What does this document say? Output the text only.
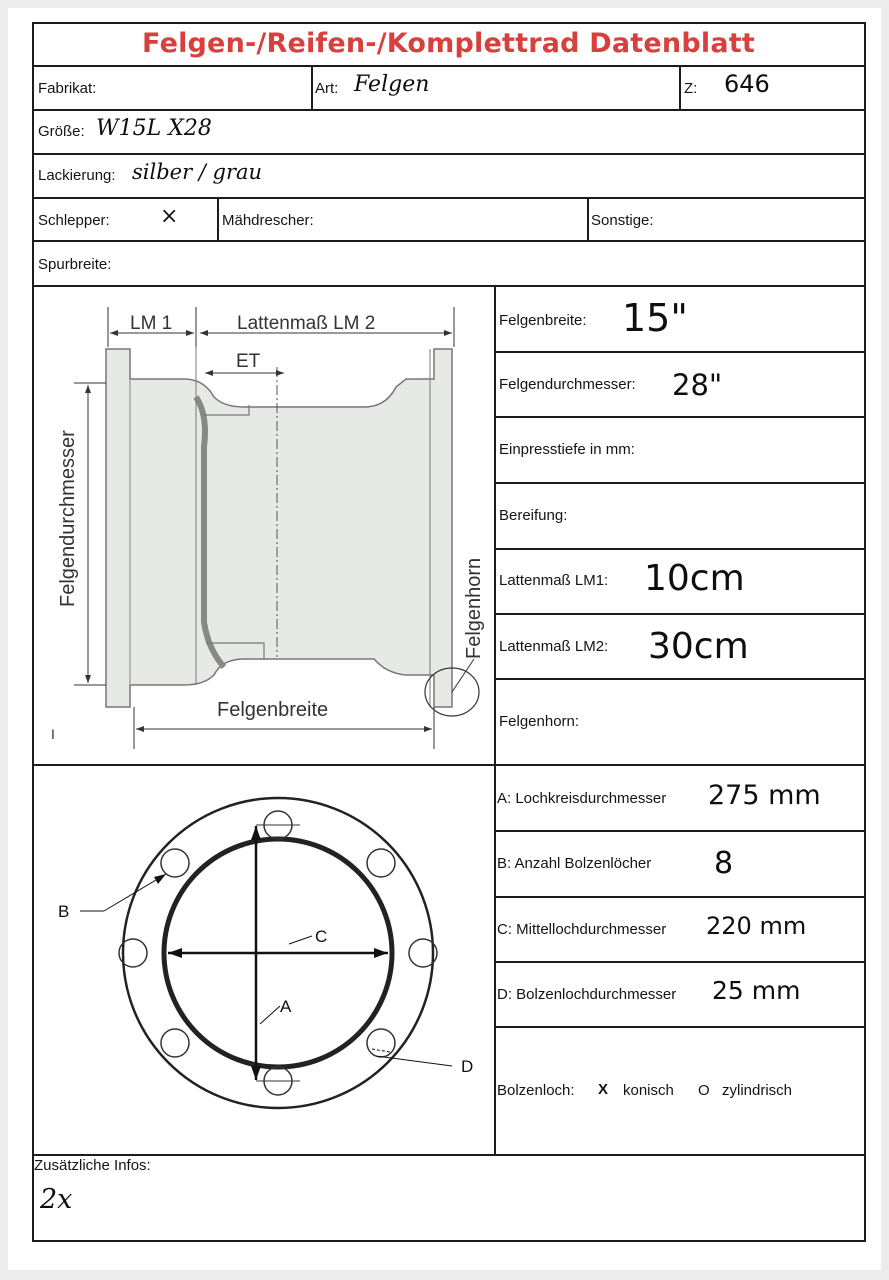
Felgen-/Reifen-/Komplettrad Datenblatt
Fabrikat:	Art: Felgen	Z: 646
Größe: W15L X28
Lackierung: silber / grau
Schlepper: ×	Mähdrescher:	Sonstige:
Spurbreite:
Felgenbreite: 15"
Felgendurchmesser: 28"
Einpresstiefe in mm:
Bereifung:
Lattenmaß LM1: 10cm
Lattenmaß LM2: 30cm
Felgenhorn:
A: Lochkreisdurchmesser 275 mm
B: Anzahl Bolzenlöcher 8
C: Mittellochdurchmesser 220 mm
D: Bolzenlochdurchmesser 25 mm
Bolzenloch: X konisch O zylindrisch
Zusätzliche Infos:
2x
LM 1	Lattenmaß LM 2
ET
Felgendurchmesser
Felgenbreite
Felgenhorn
I
C
A
B
D
